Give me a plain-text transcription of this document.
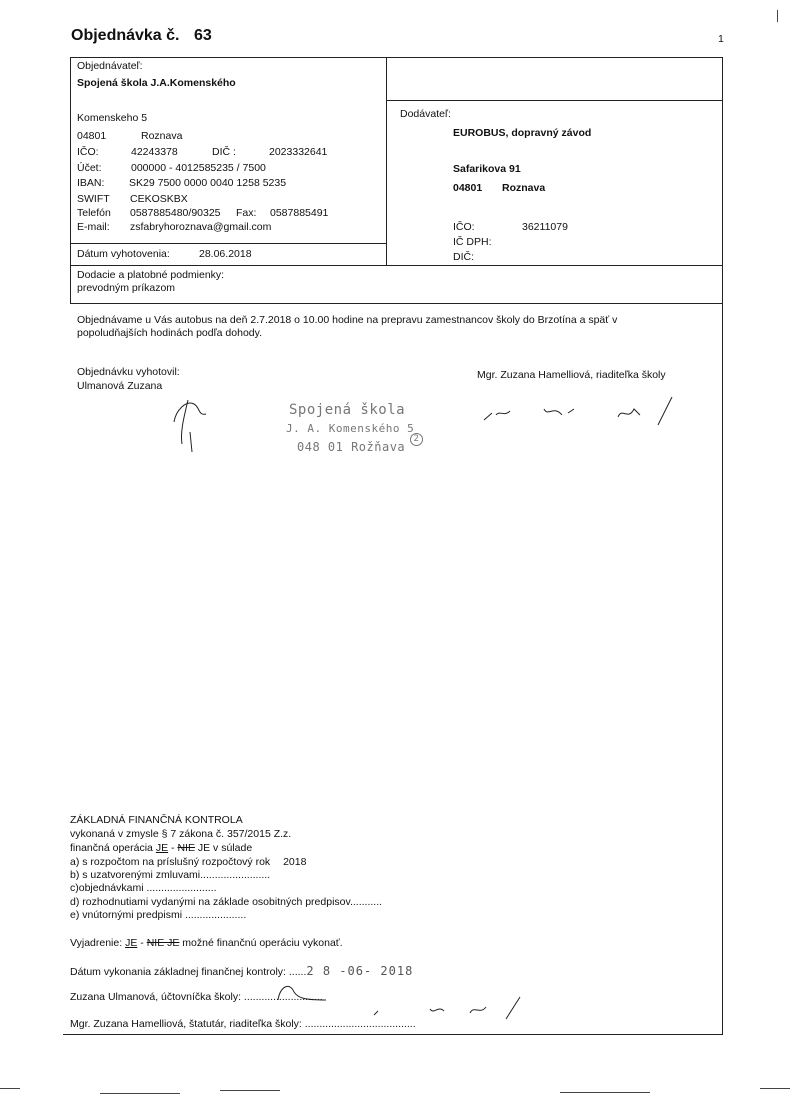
Objednávka č. 63	1
Objednávateľ:
Spojená škola J.A.Komenského
Komenskeho 5
04801	Roznava
IČO:	42243378	DIČ :	2023332641
Účet:	000000 - 4012585235 / 7500
IBAN: SK29 7500 0000 0040 1258 5235
SWIFT CEKOSKBX
Telefón 0587885480/90325 Fax: 0587885491
E-mail: zsfabryhoroznava@gmail.com
Dátum vyhotovenia:	28.06.2018
Dodávateľ:
EUROBUS, dopravný závod
Safarikova 91
04801 Roznava
IČO:	36211079
IČ DPH:
DIČ:
Dodacie a platobné podmienky:
prevodným príkazom
Objednávame u Vás autobus na deň 2.7.2018 o 10.00 hodine na prepravu zamestnancov školy do Brzotína a späť v
popoludňajších hodinách podľa dohody.
Objednávku vyhotovil:
Ulmanová Zuzana
Mgr. Zuzana Hamelliová, riaditeľka školy
Spojená škola
J. A. Komenského 5
048 01 Rožňava
2
ZÁKLADNÁ FINANČNÁ KONTROLA
vykonaná v zmysle § 7 zákona č. 357/2015 Z.z.
finančná operácia JE - NIE JE v súlade
a) s rozpočtom na príslušný rozpočtový rok 2018
b) s uzatvorenými zmluvami........................
c)objednávkami ........................
d) rozhodnutiami vydanými na základe osobitných predpisov...........
e) vnútornými predpismi .....................
Vyjadrenie: JE - NIE JE možné finančnú operáciu vykonať.
Dátum vykonania základnej finančnej kontroly: ......2 8 -06- 2018
Zuzana Ulmanová, účtovníčka školy: ...........................
Mgr. Zuzana Hamelliová, štatutár, riaditeľka školy: ......................................
